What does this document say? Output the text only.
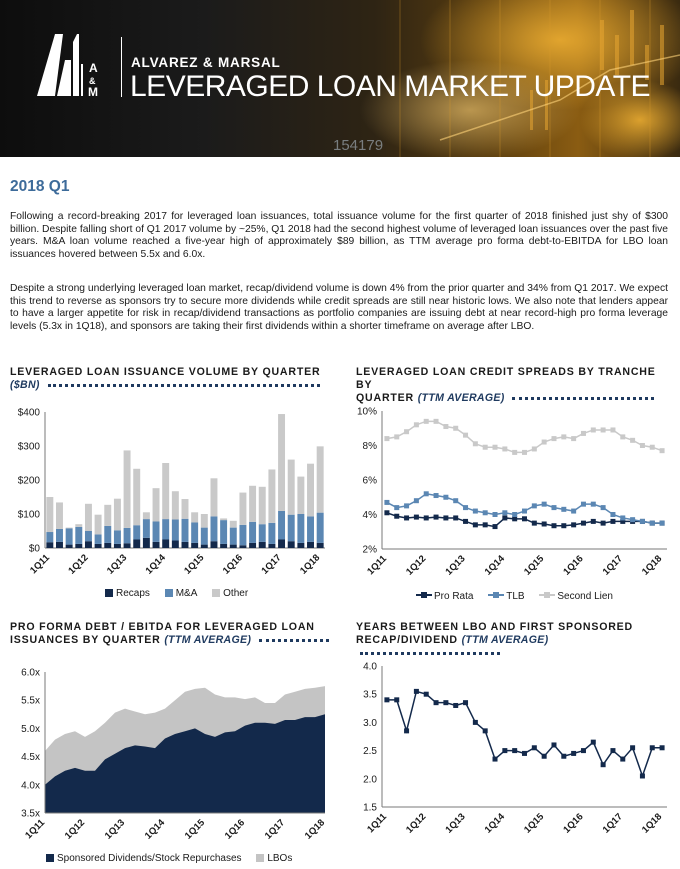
154179
A
&
M
ALVAREZ & MARSAL
LEVERAGED LOAN MARKET UPDATE
2018 Q1

Following a record-breaking 2017 for leveraged loan issuances, total issuance volume for the first quarter of 2018 finished just shy of $300 billion. Despite falling short of Q1 2017 volume by ~25%, Q1 2018 had the second highest volume of leveraged loan issuances over the past five years. M&A loan volume reached a five-year high of approximately $89 billion, as TTM average pro forma debt-to-EBITDA for LBO loan issuances hovered between 5.5x and 6.0x.

Despite a strong underlying leveraged loan market, recap/dividend volume is down 4% from the prior quarter and 34% from Q1 2017. We expect this trend to reverse as sponsors try to secure more dividends while credit spreads are still near historic lows. We also note that lenders appear to have a larger appetite for risk in recap/dividend transactions as portfolio companies are issuing debt at near record-high pro forma leverage levels (5.3x in 1Q18), and sponsors are taking their first dividends within a shorter timeframe on average after LBO.

LEVERAGED LOAN ISSUANCE VOLUME BY QUARTER
($BN)
LEVERAGED LOAN CREDIT SPREADS BY TRANCHE BY
QUARTER (TTM AVERAGE)
PRO FORMA DEBT / EBITDA FOR LEVERAGED LOAN
ISSUANCES BY QUARTER (TTM AVERAGE)
YEARS BETWEEN LBO AND FIRST SPONSORED
RECAP/DIVIDEND (TTM AVERAGE)
$0
$100
$200
$300
$400
1Q11 1Q12 1Q13 1Q14 1Q15 1Q16 1Q17 1Q18
2%
4%
6%
8%
10%
1Q11 1Q12 1Q13 1Q14 1Q15 1Q16 1Q17 1Q18
3.5x
4.0x
4.5x
5.0x
5.5x
6.0x
1Q11 1Q12 1Q13 1Q14 1Q15 1Q16 1Q17 1Q18
1.5
2.0
2.5
3.0
3.5
4.0
1Q11 1Q12 1Q13 1Q14 1Q15 1Q16 1Q17 1Q18
Recaps	M&A	Other	Pro Rata	TLB	Second Lien
Sponsored Dividends/Stock Repurchases	LBOs
